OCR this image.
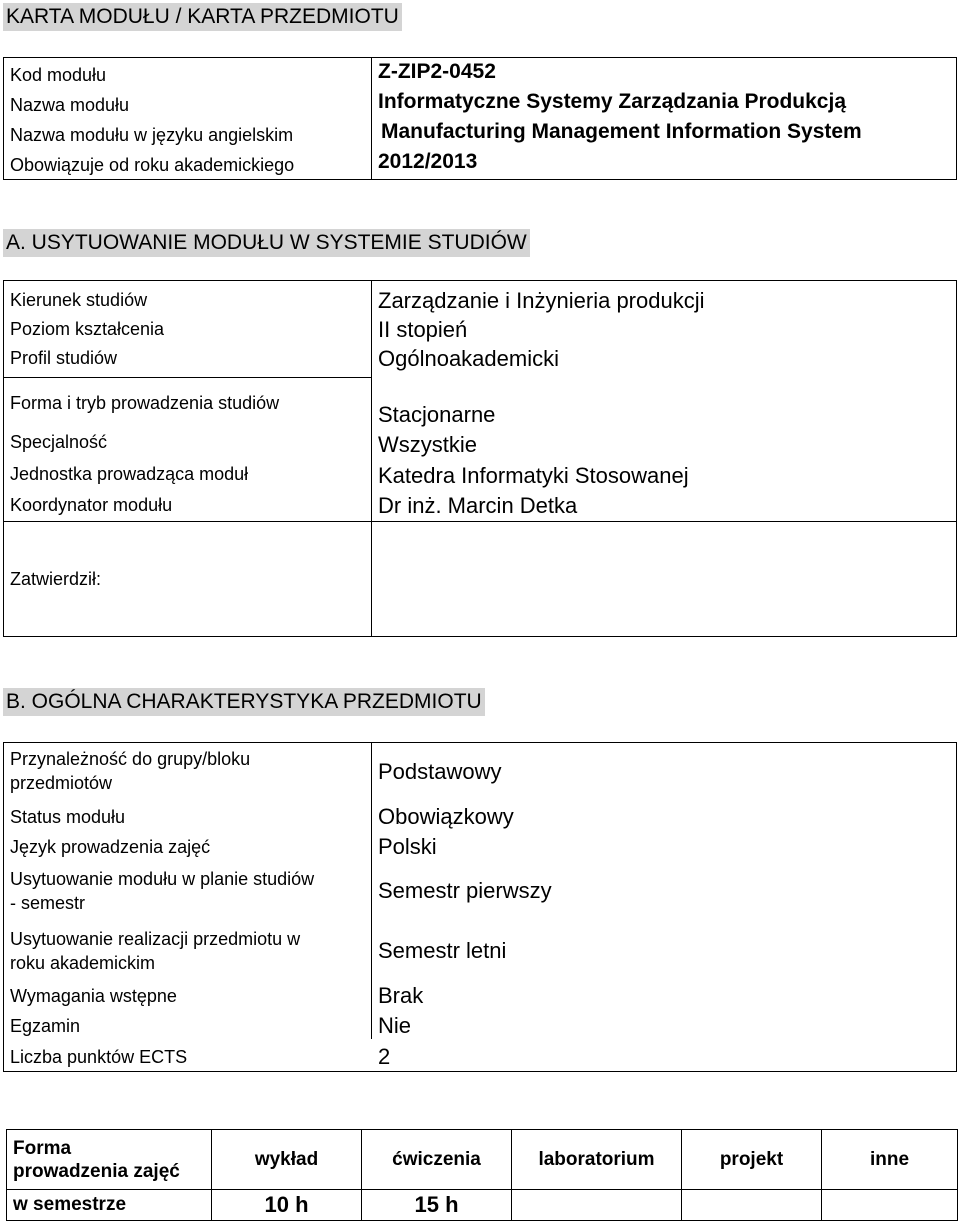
KARTA MODUŁU / KARTA PRZEDMIOTU
Kod modułu	Z-ZIP2-0452
Nazwa modułu	Informatyczne Systemy Zarządzania Produkcją
Nazwa modułu w języku angielskim	Manufacturing Management Information System
Obowiązuje od roku akademickiego	2012/2013
A. USYTUOWANIE MODUŁU W SYSTEMIE STUDIÓW
Kierunek studiów	Zarządzanie i Inżynieria produkcji
Poziom kształcenia	II stopień
Profil studiów	Ogólnoakademicki
Forma i tryb prowadzenia studiów	Stacjonarne
Specjalność	Wszystkie
Jednostka prowadząca moduł	Katedra Informatyki Stosowanej
Koordynator modułu	Dr inż. Marcin Detka
Zatwierdził:
B. OGÓLNA CHARAKTERYSTYKA PRZEDMIOTU
Przynależność do grupy/bloku
przedmiotów	Podstawowy
Status modułu	Obowiązkowy
Język prowadzenia zajęć	Polski
Usytuowanie modułu w planie studiów
- semestr	Semestr pierwszy
Usytuowanie realizacji przedmiotu w
roku akademickim	Semestr letni
Wymagania wstępne	Brak
Egzamin	Nie
Liczba punktów ECTS	2
Forma
prowadzenia zajęć	wykład	ćwiczenia	laboratorium	projekt	inne
w semestrze	10 h	15 h			
